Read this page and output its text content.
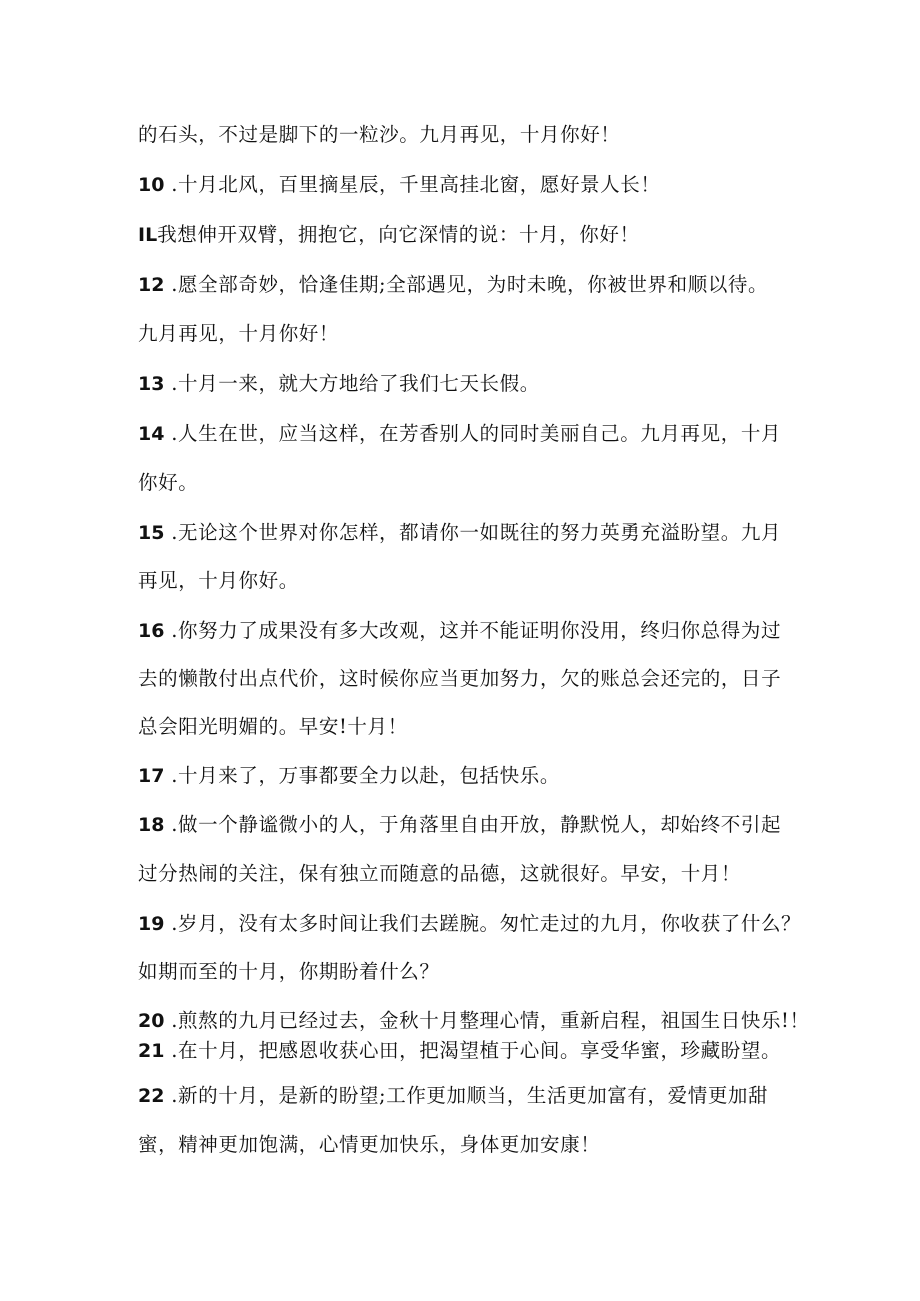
的石头，不过是脚下的一粒沙。九月再见，十月你好！
10 .十月北风，百里摘星辰，千里高挂北窗，愿好景人长！
IL我想伸开双臂，拥抱它，向它深情的说：十月，你好！
12 .愿全部奇妙，恰逢佳期;全部遇见，为时未晚，你被世界和顺以待。
九月再见，十月你好！
13 .十月一来，就大方地给了我们七天长假。
14 .人生在世，应当这样，在芳香别人的同时美丽自己。九月再见，十月
你好。
15 .无论这个世界对你怎样，都请你一如既往的努力英勇充溢盼望。九月
再见，十月你好。
16 .你努力了成果没有多大改观，这并不能证明你没用，终归你总得为过
去的懒散付出点代价，这时候你应当更加努力，欠的账总会还完的，日子
总会阳光明媚的。早安!十月！
17 .十月来了，万事都要全力以赴，包括快乐。
18 .做一个静谧微小的人，于角落里自由开放，静默悦人，却始终不引起
过分热闹的关注，保有独立而随意的品德，这就很好。早安，十月！
19 .岁月，没有太多时间让我们去蹉腕。匆忙走过的九月，你收获了什么？
如期而至的十月，你期盼着什么？
20 .煎熬的九月已经过去，金秋十月整理心情，重新启程，祖国生日快乐!！
21 .在十月，把感恩收获心田，把渴望植于心间。享受华蜜，珍藏盼望。
22 .新的十月，是新的盼望;工作更加顺当，生活更加富有，爱情更加甜
蜜，精神更加饱满，心情更加快乐，身体更加安康！
